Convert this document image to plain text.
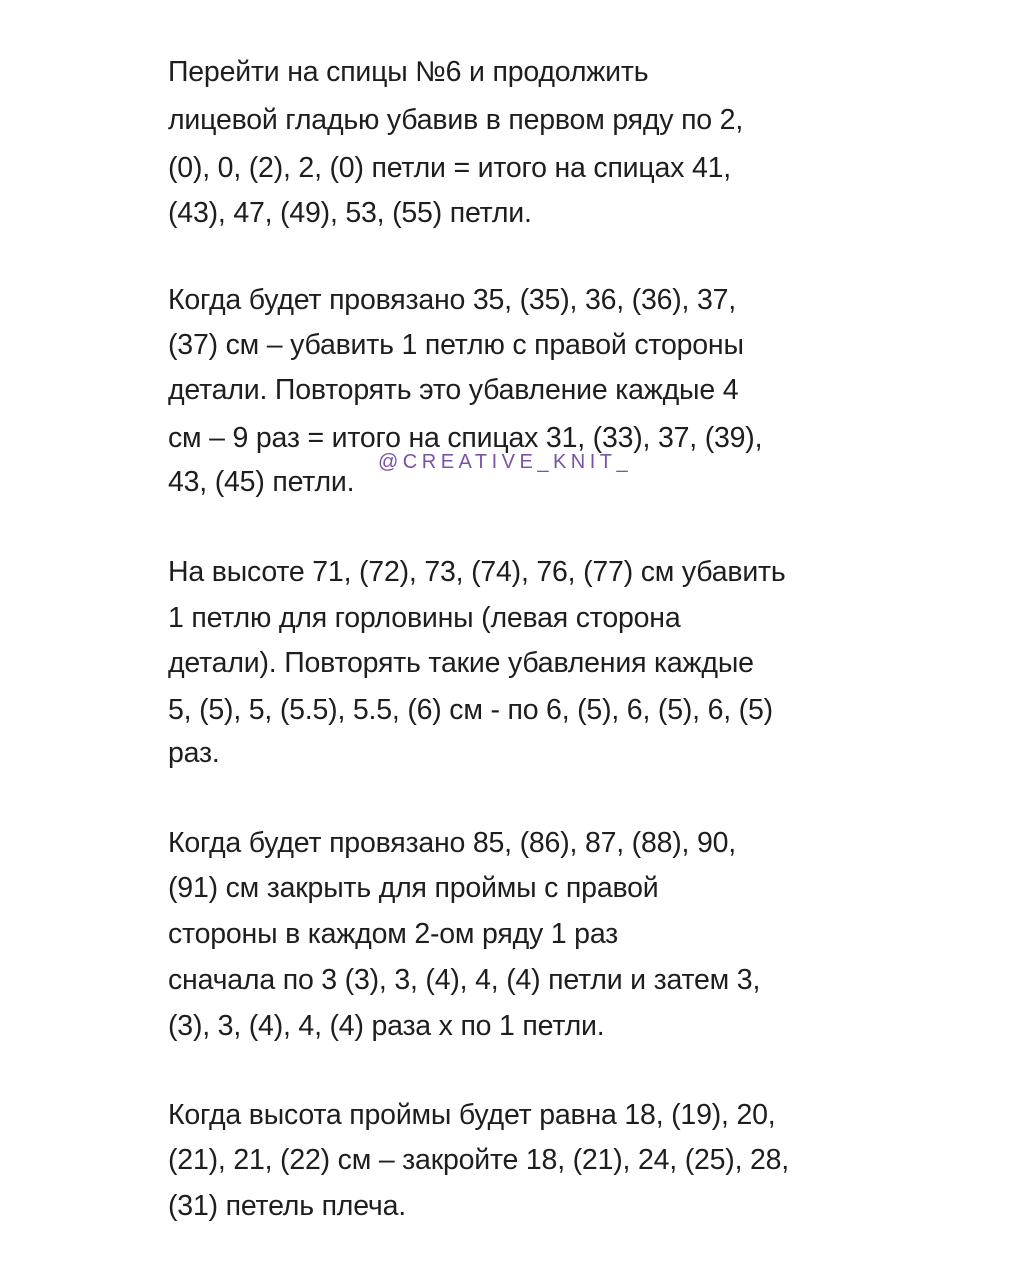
Перейти на спицы №6 и продолжить
лицевой гладью убавив в первом ряду по 2,
(0), 0, (2), 2, (0) петли = итого на спицах 41,
(43), 47, (49), 53, (55) петли.
Когда будет провязано 35, (35), 36, (36), 37,
(37) см – убавить 1 петлю с правой стороны
детали. Повторять это убавление каждые 4
см – 9 раз = итого на спицах 31, (33), 37, (39),
43, (45) петли.
@CREATIVE_KNIT_
На высоте 71, (72), 73, (74), 76, (77) см убавить
1 петлю для горловины (левая сторона
детали). Повторять такие убавления каждые
5, (5), 5, (5.5), 5.5, (6) см - по 6, (5), 6, (5), 6, (5)
раз.
Когда будет провязано 85, (86), 87, (88), 90,
(91) см закрыть для проймы с правой
стороны в каждом 2-ом ряду 1 раз
сначала по 3 (3), 3, (4), 4, (4) петли и затем 3,
(3), 3, (4), 4, (4) раза х по 1 петли.
Когда высота проймы будет равна 18, (19), 20,
(21), 21, (22) см – закройте 18, (21), 24, (25), 28,
(31) петель плеча.
